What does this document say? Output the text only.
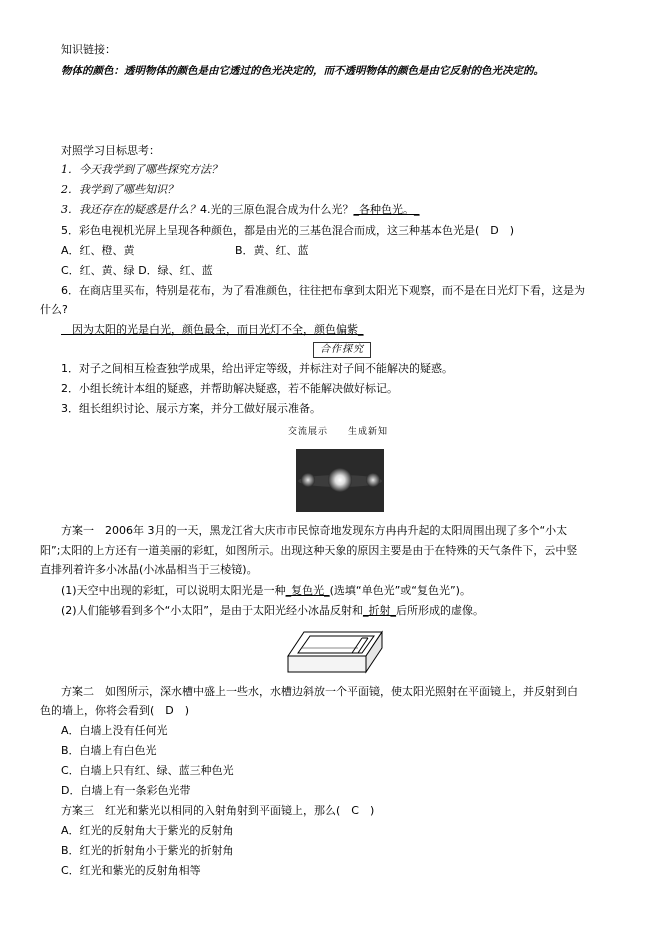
知识链接：
物体的颜色：透明物体的颜色是由它透过的色光决定的，而不透明物体的颜色是由它反射的色光决定的。
对照学习目标思考：
1．今天我学到了哪些探究方法？
2．我学到了哪些知识？
3．我还存在的疑惑是什么？4.光的三原色混合成为什么光？_各种色光。_
5．彩色电视机光屏上呈现各种颜色，都是由光的三基色混合而成，这三种基本色光是(　D　)
A．红、橙、黄	B．黄、红、蓝
C．红、黄、绿 D．绿、红、蓝
6．在商店里买布，特别是花布，为了看准颜色，往往把布拿到太阳光下观察，而不是在日光灯下看，这是为
什么?
　因为太阳的光是白光，颜色最全，而日光灯不全，颜色偏紫_
合作探究
1．对子之间相互检查独学成果，给出评定等级，并标注对子间不能解决的疑惑。
2．小组长统计本组的疑惑，并帮助解决疑惑，若不能解决做好标记。
3．组长组织讨论、展示方案，并分工做好展示准备。
交流展示　　生成新知
方案一　2006年 3月的一天，黑龙江省大庆市市民惊奇地发现东方冉冉升起的太阳周围出现了多个“小太
阳”;太阳的上方还有一道美丽的彩虹，如图所示。出现这种天象的原因主要是由于在特殊的天气条件下，云中竖
直排列着许多小冰晶(小冰晶相当于三棱镜)。
(1)天空中出现的彩虹，可以说明太阳光是一种_复色光_(选填“单色光”或“复色光”)。
(2)人们能够看到多个“小太阳”，是由于太阳光经小冰晶反射和_折射_后所形成的虚像。
方案二　如图所示，深水槽中盛上一些水，水槽边斜放一个平面镜，使太阳光照射在平面镜上，并反射到白
色的墙上，你将会看到(　D　)
A．白墙上没有任何光
B．白墙上有白色光
C．白墙上只有红、绿、蓝三种色光
D．白墙上有一条彩色光带
方案三　红光和紫光以相同的入射角射到平面镜上，那么(　C　)
A．红光的反射角大于紫光的反射角
B．红光的折射角小于紫光的折射角
C．红光和紫光的反射角相等
